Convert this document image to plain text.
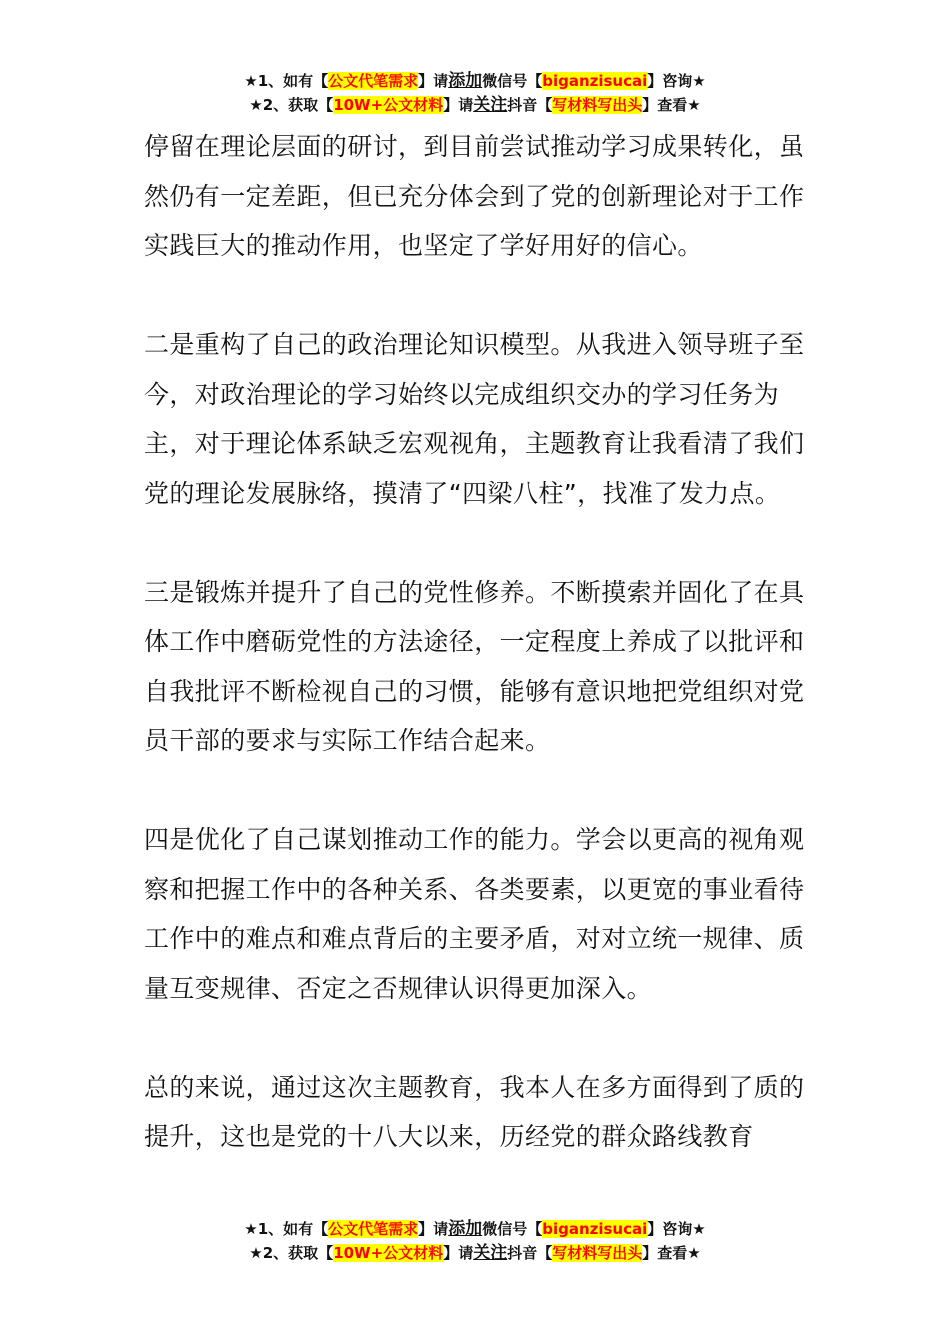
★1、如有【公文代笔需求】请添加微信号【biganzisucai】咨询★
★2、获取【10W+公文材料】请关注抖音【写材料写出头】查看★

停留在理论层面的研讨，到目前尝试推动学习成果转化，虽然仍有一定差距，但已充分体会到了党的创新理论对于工作实践巨大的推动作用，也坚定了学好用好的信心。

二是重构了自己的政治理论知识模型。从我进入领导班子至今，对政治理论的学习始终以完成组织交办的学习任务为主，对于理论体系缺乏宏观视角，主题教育让我看清了我们党的理论发展脉络，摸清了“四梁八柱”，找准了发力点。

三是锻炼并提升了自己的党性修养。不断摸索并固化了在具体工作中磨砺党性的方法途径，一定程度上养成了以批评和自我批评不断检视自己的习惯，能够有意识地把党组织对党员干部的要求与实际工作结合起来。

四是优化了自己谋划推动工作的能力。学会以更高的视角观察和把握工作中的各种关系、各类要素，以更宽的事业看待工作中的难点和难点背后的主要矛盾，对对立统一规律、质量互变规律、否定之否规律认识得更加深入。

总的来说，通过这次主题教育，我本人在多方面得到了质的提升，这也是党的十八大以来，历经党的群众路线教育

★1、如有【公文代笔需求】请添加微信号【biganzisucai】咨询★
★2、获取【10W+公文材料】请关注抖音【写材料写出头】查看★
